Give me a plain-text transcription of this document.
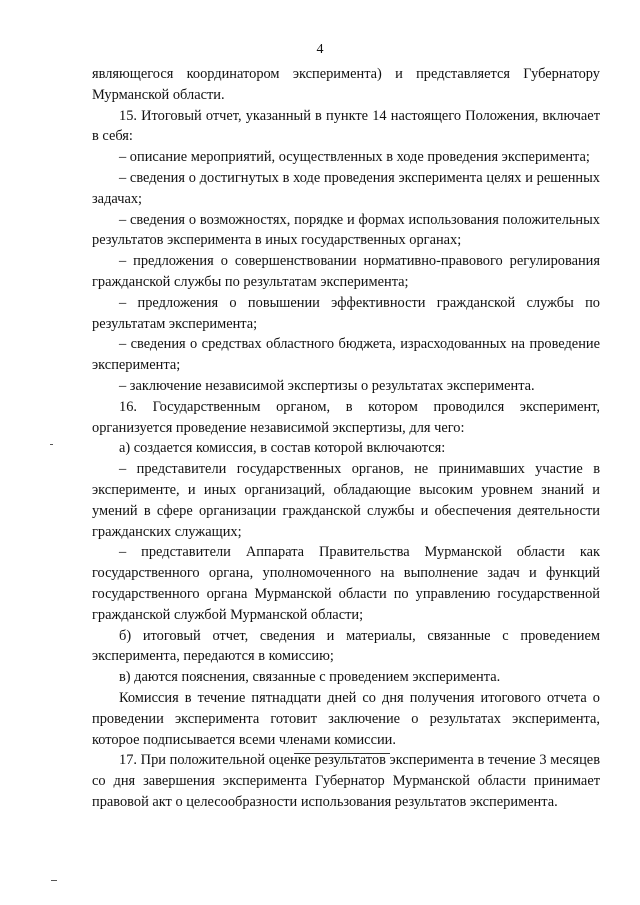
4

являющегося координатором эксперимента) и представляется Губернатору Мурманской области.

15. Итоговый отчет, указанный в пункте 14 настоящего Положения, включает в себя:

– описание мероприятий, осуществленных в ходе проведения эксперимента;

– сведения о достигнутых в ходе проведения эксперимента целях и решенных задачах;

– сведения о возможностях, порядке и формах использования положительных результатов эксперимента в иных государственных органах;

– предложения о совершенствовании нормативно-правового регулирования гражданской службы по результатам эксперимента;

– предложения о повышении эффективности гражданской службы по результатам эксперимента;

– сведения о средствах областного бюджета, израсходованных на проведение эксперимента;

– заключение независимой экспертизы о результатах эксперимента.

16. Государственным органом, в котором проводился эксперимент, организуется проведение независимой экспертизы, для чего:

а) создается комиссия, в состав которой включаются:

– представители государственных органов, не принимавших участие в эксперименте, и иных организаций, обладающие высоким уровнем знаний и умений в сфере организации гражданской службы и обеспечения деятельности гражданских служащих;

– представители Аппарата Правительства Мурманской области как государственного органа, уполномоченного на выполнение задач и функций государственного органа Мурманской области по управлению государственной гражданской службой Мурманской области;

б) итоговый отчет, сведения и материалы, связанные с проведением эксперимента, передаются в комиссию;

в) даются пояснения, связанные с проведением эксперимента.

Комиссия в течение пятнадцати дней со дня получения итогового отчета о проведении эксперимента готовит заключение о результатах эксперимента, которое подписывается всеми членами комиссии.

17. При положительной оценке результатов эксперимента в течение 3 месяцев со дня завершения эксперимента Губернатор Мурманской области принимает правовой акт о целесообразности использования результатов эксперимента.
